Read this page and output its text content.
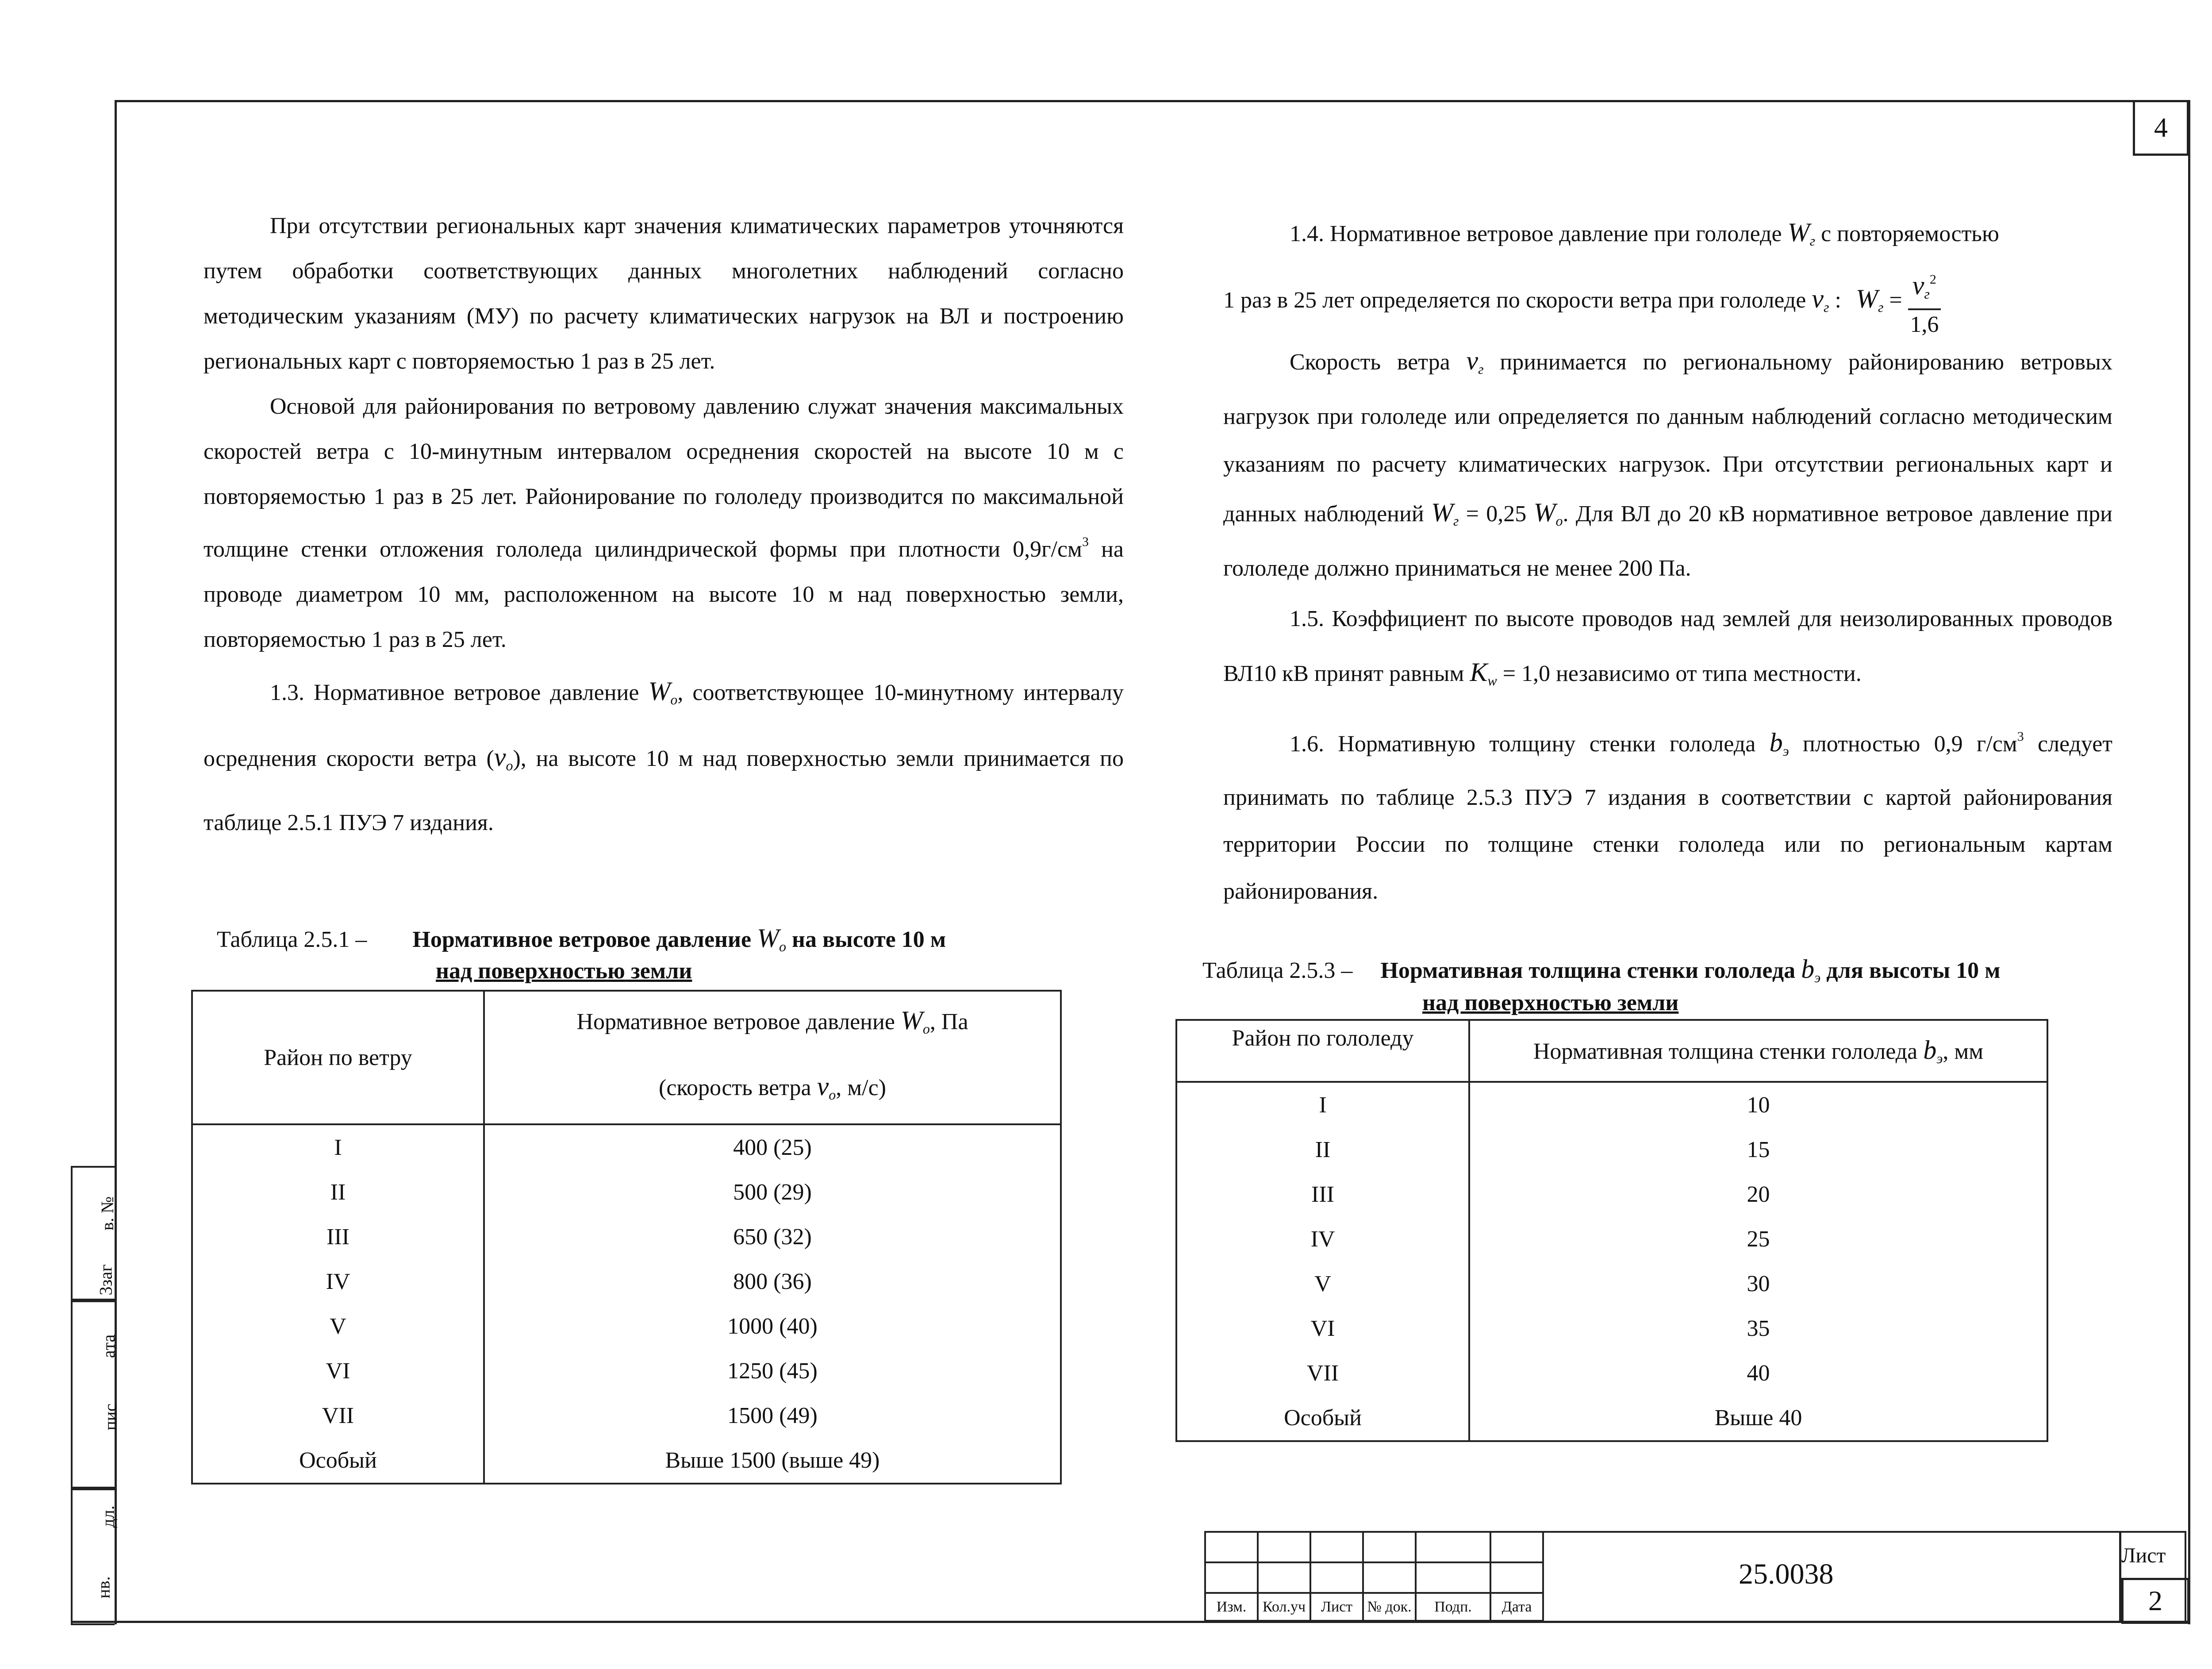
4

При отсутствии региональных карт значения климатических параметров уточняются путем обработки соответствующих данных многолетних наблюдений согласно методическим указаниям (МУ) по расчету климатических нагрузок на ВЛ и построению региональных карт с повторяемостью 1 раз в 25 лет.

Основой для районирования по ветровому давлению служат значения максимальных скоростей ветра с 10-минутным интервалом осреднения скоростей на высоте 10 м с повторяемостью 1 раз в 25 лет. Районирование по гололеду производится по максимальной толщине стенки отложения гололеда цилиндрической формы при плотности $0,9г/см^3$ на проводе диаметром 10 мм, расположенном на высоте 10 м над поверхностью земли, повторяемостью 1 раз в 25 лет.

1.3. Нормативное ветровое давление $W_o$, соответствующее 10-минутному интервалу осреднения скорости ветра $(v_o)$, на высоте 10 м над поверхностью земли принимается по таблице 2.5.1 ПУЭ 7 издания.

Таблица 2.5.1 – Нормативное ветровое давление $W_o$ на высоте 10 м
над поверхностью земли
Район по ветру	Нормативное ветровое давление $W_o$, Па
(скорость ветра $v_o$, м/с)
I	400 (25)
II	500 (29)
III	650 (32)
IV	800 (36)
V	1000 (40)
VI	1250 (45)
VII	1500 (49)
Особый	Выше 1500 (выше 49)

1.4. Нормативное ветровое давление при гололеде $W_г$ с повторяемостью

1 раз в 25 лет определяется по скорости ветра при гололеде $v_г$ : $W_г$ =
$v_г^2$
1,6

Скорость ветра $v_г$ принимается по региональному районированию ветровых нагрузок при гололеде или определяется по данным наблюдений согласно методическим указаниям по расчету климатических нагрузок. При отсутствии региональных карт и данных наблюдений $W_г = 0,25$ $W_o$. Для ВЛ до 20 кВ нормативное ветровое давление при гололеде должно приниматься не менее 200 Па.

1.5. Коэффициент по высоте проводов над землей для неизолированных проводов ВЛ10 кВ принят равным $K_w = 1,0$ независимо от типа местности.

1.6. Нормативную толщину стенки гололеда $b_э$ плотностью 0,9 $г/см^3$ следует принимать по таблице 2.5.3 ПУЭ 7 издания в соответствии с картой районирования территории России по толщине стенки гололеда или по региональным картам районирования.

Таблица 2.5.3 – Нормативная толщина стенки гололеда $b_э$ для высоты 10 м
над поверхностью земли
Район по гололеду	Нормативная толщина стенки гололеда $b_э$, мм
I	10
II	15
III	20
IV	25
V	30
VI	35
VII	40
Особый	Выше 40

Изм.	Кол.уч	Лист	№ док.	Подп.	Дата	
25.0038
Лист
2
в. №
3зaг
aта
пис
дл.
нв.
